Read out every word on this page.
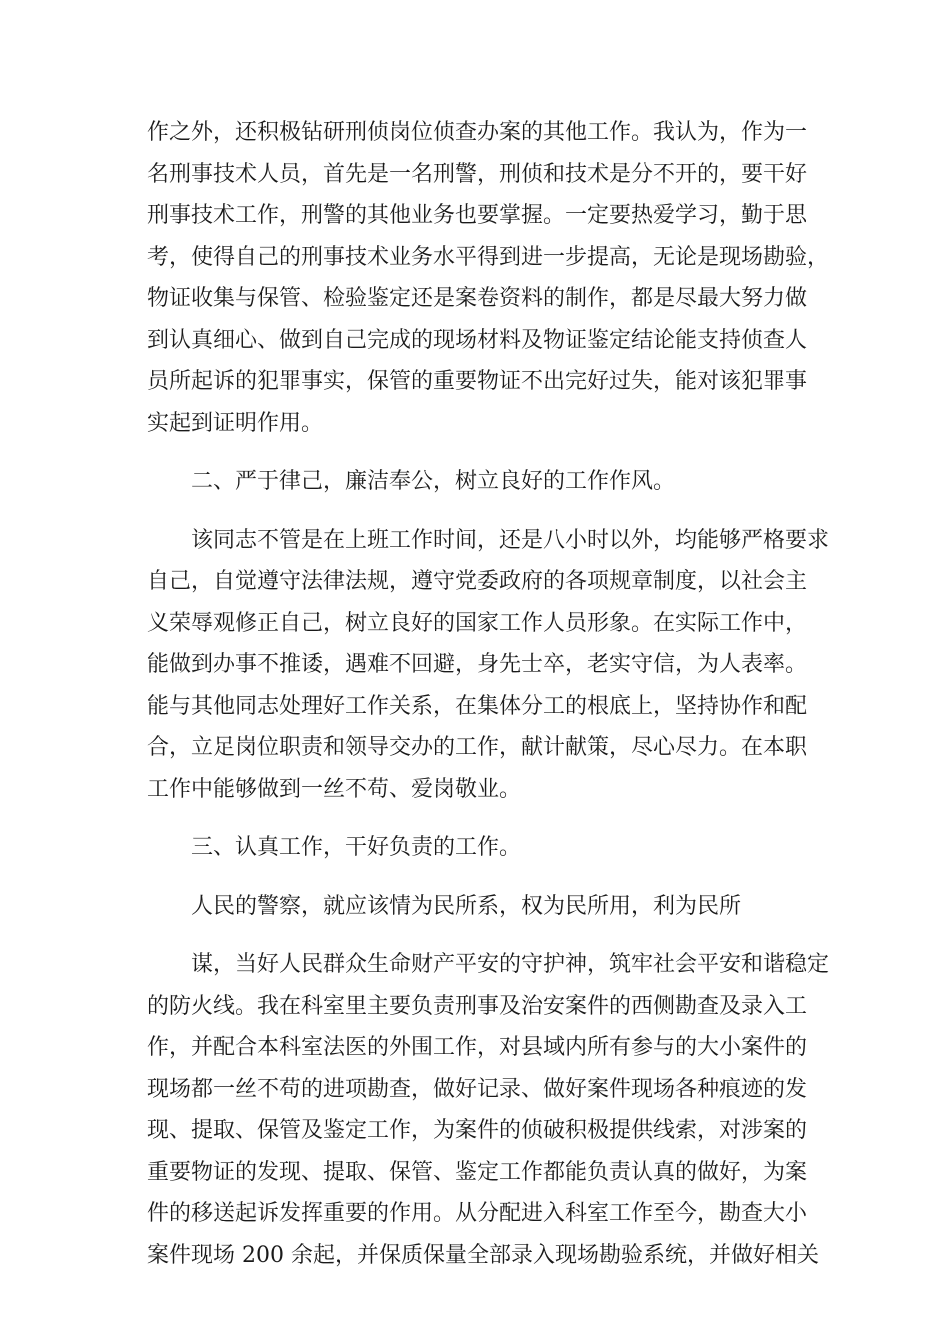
作之外，还积极钻研刑侦岗位侦查办案的其他工作。我认为，作为一
名刑事技术人员，首先是一名刑警，刑侦和技术是分不开的，要干好
刑事技术工作，刑警的其他业务也要掌握。一定要热爱学习，勤于思
考，使得自己的刑事技术业务水平得到进一步提高，无论是现场勘验，
物证收集与保管、检验鉴定还是案卷资料的制作，都是尽最大努力做
到认真细心、做到自己完成的现场材料及物证鉴定结论能支持侦查人
员所起诉的犯罪事实，保管的重要物证不出完好过失，能对该犯罪事
实起到证明作用。

二、严于律己，廉洁奉公，树立良好的工作作风。

该同志不管是在上班工作时间，还是八小时以外，均能够严格要求
自己，自觉遵守法律法规，遵守党委政府的各项规章制度，以社会主
义荣辱观修正自己，树立良好的国家工作人员形象。在实际工作中，
能做到办事不推诿，遇难不回避，身先士卒，老实守信，为人表率。
能与其他同志处理好工作关系，在集体分工的根底上，坚持协作和配
合，立足岗位职责和领导交办的工作，献计献策，尽心尽力。在本职
工作中能够做到一丝不苟、爱岗敬业。

三、认真工作，干好负责的工作。

人民的警察，就应该情为民所系，权为民所用，利为民所

谋，当好人民群众生命财产平安的守护神，筑牢社会平安和谐稳定
的防火线。我在科室里主要负责刑事及治安案件的西侧勘查及录入工
作，并配合本科室法医的外围工作，对县域内所有参与的大小案件的
现场都一丝不苟的进项勘查，做好记录、做好案件现场各种痕迹的发
现、提取、保管及鉴定工作，为案件的侦破积极提供线索，对涉案的
重要物证的发现、提取、保管、鉴定工作都能负责认真的做好，为案
件的移送起诉发挥重要的作用。从分配进入科室工作至今，勘查大小
案件现场 200 余起，并保质保量全部录入现场勘验系统，并做好相关
